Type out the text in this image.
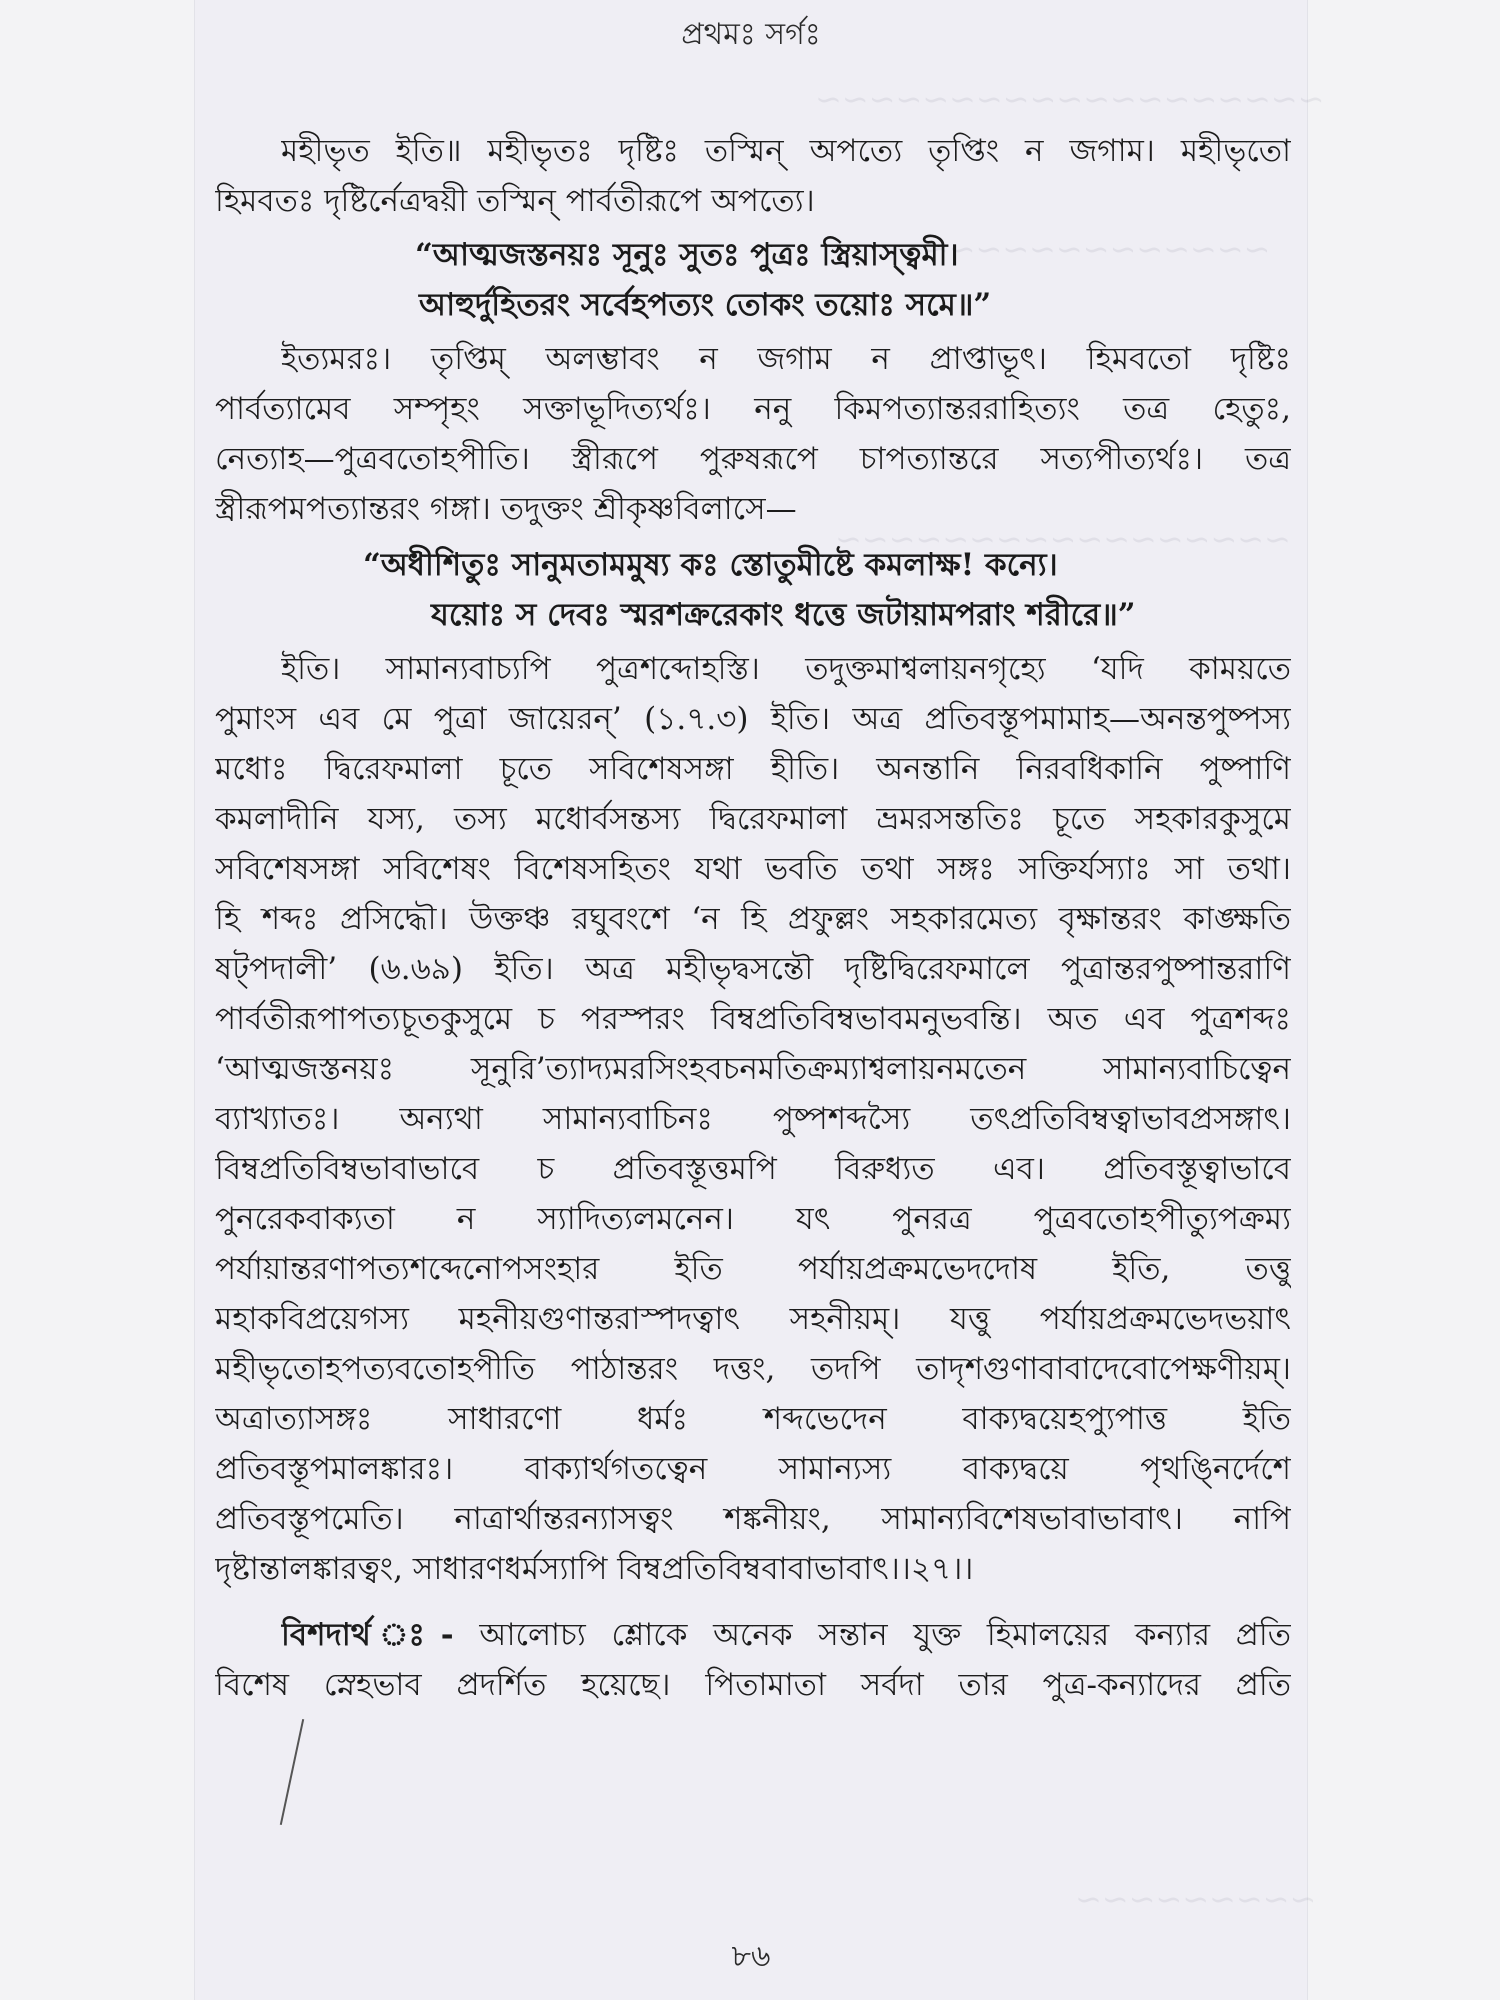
~~~~~~~~~~~~~~~~~~~
~~~~~~~~~~~~~~
~~~~~~~~~~~~~~~~~
~~~~~~~~~
প্রথমঃ সর্গঃ
মহীভৃত ইতি॥ মহীভৃতঃ দৃষ্টিঃ তস্মিন্ অপত্যে তৃপ্তিং ন জগাম। মহীভৃতো
হিমবতঃ দৃষ্টির্নেত্রদ্বয়ী তস্মিন্ পার্বতীরূপে অপত্যে।
“আত্মজস্তনয়ঃ সূনুঃ সুতঃ পুত্রঃ স্ত্রিয়াস্ত্বমী।
আহুর্দুহিতরং সর্বেহপত্যং তোকং তয়োঃ সমে॥”
ইত্যমরঃ। তৃপ্তিম্ অলম্ভাবং ন জগাম ন প্রাপ্তাভূৎ। হিমবতো দৃষ্টিঃ
পার্বত্যামেব সম্পৃহং সক্তাভূদিত্যর্থঃ। ননু কিমপত্যান্তররাহিত্যং তত্র হেতুঃ,
নেত্যাহ—পুত্রবতোহপীতি। স্ত্রীরূপে পুরুষরূপে চাপত্যান্তরে সত্যপীত্যর্থঃ। তত্র
স্ত্রীরূপমপত্যান্তরং গঙ্গা। তদুক্তং শ্রীকৃষ্ণবিলাসে—
“অধীশিতুঃ সানুমতামমুষ্য কঃ স্তোতুমীষ্টে কমলাক্ষ! কন্যে।
যয়োঃ স দেবঃ স্মরশক্ররেকাং ধত্তে জটায়ামপরাং শরীরে॥”
ইতি। সামান্যবাচ্যপি পুত্রশব্দোহস্তি। তদুক্তমাশ্বলায়নগৃহ্যে ‘যদি কাময়তে
পুমাংস এব মে পুত্রা জায়েরন্’ (১.৭.৩) ইতি। অত্র প্রতিবস্তূপমামাহ—অনন্তপুষ্পস্য
মধোঃ দ্বিরেফমালা চূতে সবিশেষসঙ্গা হীতি। অনন্তানি নিরবধিকানি পুষ্পাণি
কমলাদীনি যস্য, তস্য মধোর্বসন্তস্য দ্বিরেফমালা ভ্রমরসন্ততিঃ চূতে সহকারকুসুমে
সবিশেষসঙ্গা সবিশেষং বিশেষসহিতং যথা ভবতি তথা সঙ্গঃ সক্তির্যস্যাঃ সা তথা।
হি শব্দঃ প্রসিদ্ধৌ। উক্তঞ্চ রঘুবংশে ‘ন হি প্রফুল্লং সহকারমেত্য বৃক্ষান্তরং কাঙ্ক্ষতি
ষট্পদালী’ (৬.৬৯) ইতি। অত্র মহীভৃদ্বসন্তৌ দৃষ্টিদ্বিরেফমালে পুত্রান্তরপুষ্পান্তরাণি
পার্বতীরূপাপত্যচূতকুসুমে চ পরস্পরং বিম্বপ্রতিবিম্বভাবমনুভবন্তি। অত এব পুত্রশব্দঃ
‘আত্মজস্তনয়ঃ সূনুরি’ত্যাদ্যমরসিংহবচনমতিক্রম্যাশ্বলায়নমতেন সামান্যবাচিত্বেন
ব্যাখ্যাতঃ। অন্যথা সামান্যবাচিনঃ পুষ্পশব্দস্যৈ তৎপ্রতিবিম্বত্বাভাবপ্রসঙ্গাৎ।
বিম্বপ্রতিবিম্বভাবাভাবে চ প্রতিবস্তূত্তমপি বিরুধ্যত এব। প্রতিবস্তূত্বাভাবে
পুনরেকবাক্যতা ন স্যাদিত্যলমনেন। যৎ পুনরত্র পুত্রবতোহপীত্যুপক্রম্য
পর্যায়ান্তরণাপত্যশব্দেনোপসংহার ইতি পর্যায়প্রক্রমভেদদোষ ইতি, তত্তু
মহাকবিপ্রয়েগস্য মহনীয়গুণান্তরাস্পদত্বাৎ সহনীয়ম্। যত্তু পর্যায়প্রক্রমভেদভয়াৎ
মহীভৃতোহপত্যবতোহপীতি পাঠান্তরং দত্তং, তদপি তাদৃশগুণাবাবাদেবোপেক্ষণীয়ম্।
অত্রাত্যাসঙ্গঃ সাধারণো ধর্মঃ শব্দভেদেন বাক্যদ্বয়েহপ্যুপাত্ত ইতি
প্রতিবস্তূপমালঙ্কারঃ। বাক্যার্থগতত্বেন সামান্যস্য বাক্যদ্বয়ে পৃথঙ্নির্দেশে
প্রতিবস্তূপমেতি। নাত্রার্থান্তরন্যাসত্বং শঙ্কনীয়ং, সামান্যবিশেষভাবাভাবাৎ। নাপি
দৃষ্টান্তালঙ্কারত্বং, সাধারণধর্মস্যাপি বিম্বপ্রতিবিম্ববাবাভাবাৎ।।২৭।।
বিশদার্থ ঃ- আলোচ্য শ্লোকে অনেক সন্তান যুক্ত হিমালয়ের কন্যার প্রতি
বিশেষ স্নেহভাব প্রদর্শিত হয়েছে। পিতামাতা সর্বদা তার পুত্র-কন্যাদের প্রতি
৮৬
